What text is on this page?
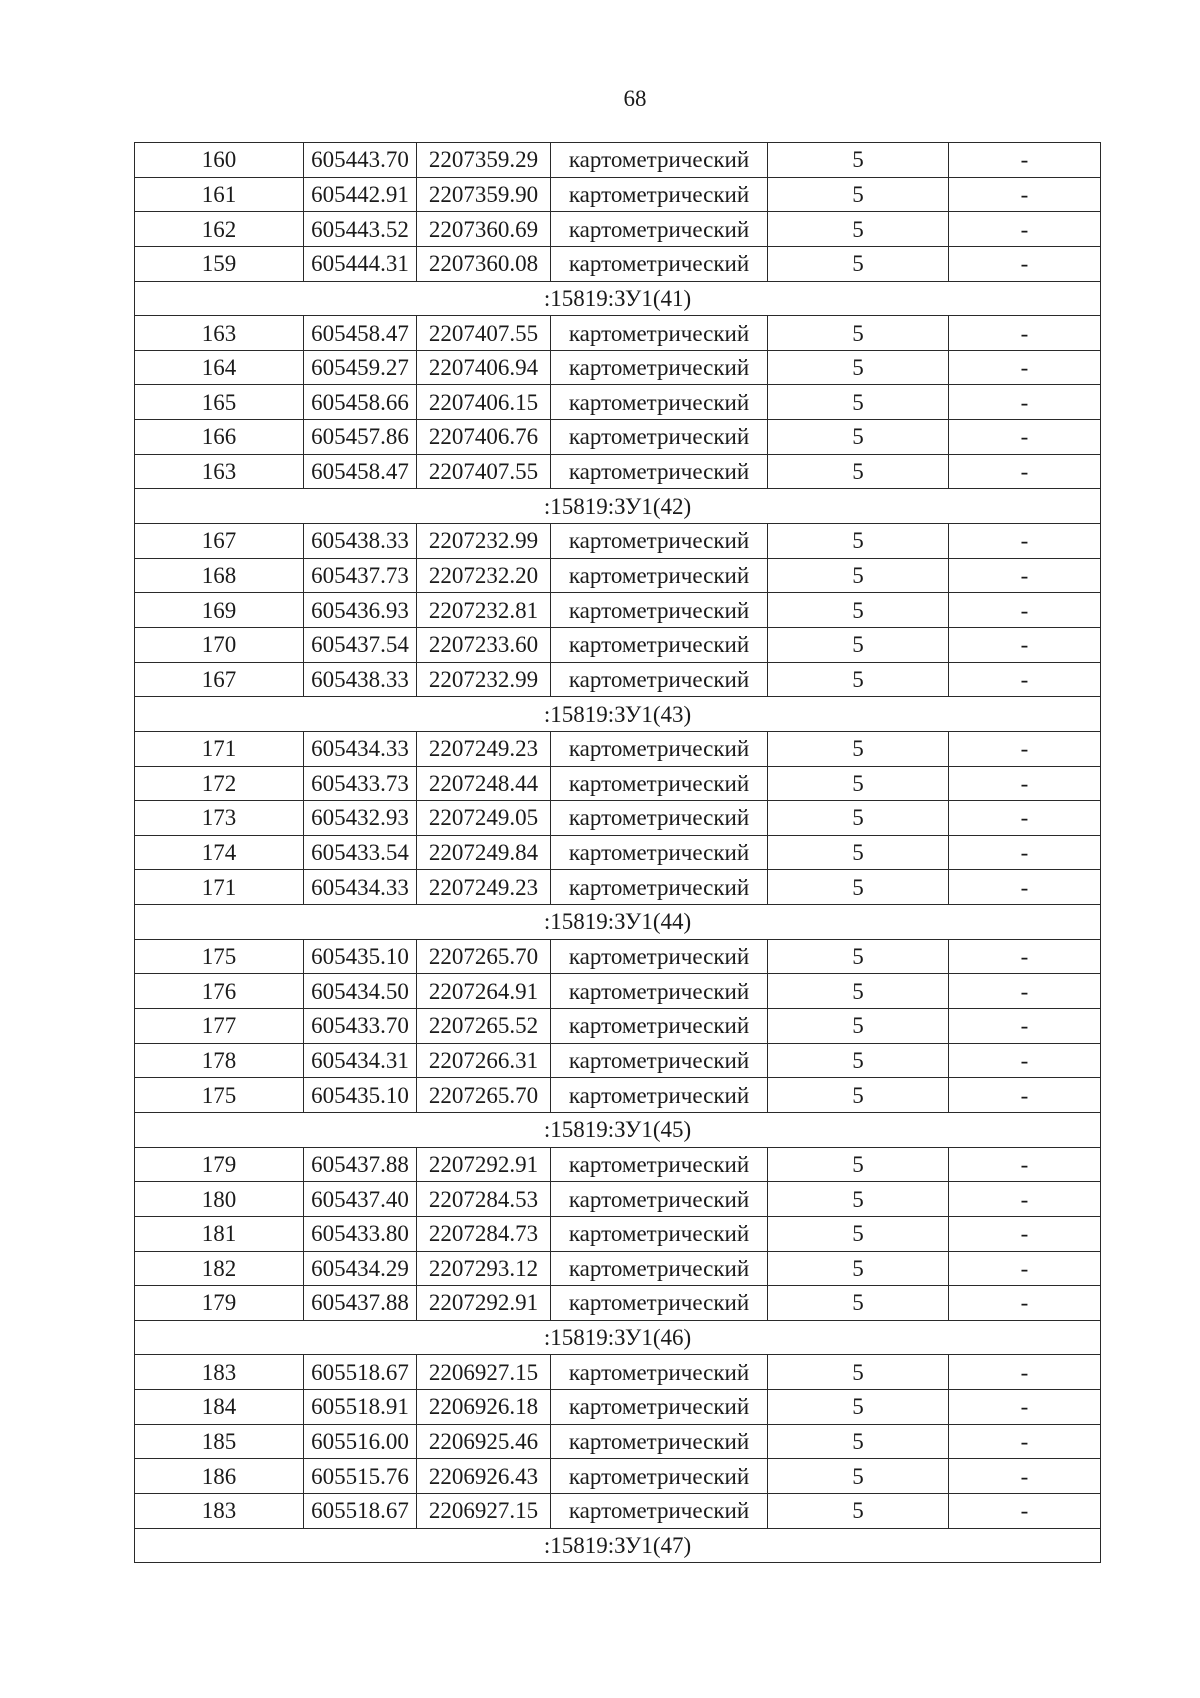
68
160	605443.70	2207359.29	картометрический	5	-
161	605442.91	2207359.90	картометрический	5	-
162	605443.52	2207360.69	картометрический	5	-
159	605444.31	2207360.08	картометрический	5	-
:15819:ЗУ1(41)					
163	605458.47	2207407.55	картометрический	5	-
164	605459.27	2207406.94	картометрический	5	-
165	605458.66	2207406.15	картометрический	5	-
166	605457.86	2207406.76	картометрический	5	-
163	605458.47	2207407.55	картометрический	5	-
:15819:ЗУ1(42)					
167	605438.33	2207232.99	картометрический	5	-
168	605437.73	2207232.20	картометрический	5	-
169	605436.93	2207232.81	картометрический	5	-
170	605437.54	2207233.60	картометрический	5	-
167	605438.33	2207232.99	картометрический	5	-
:15819:ЗУ1(43)					
171	605434.33	2207249.23	картометрический	5	-
172	605433.73	2207248.44	картометрический	5	-
173	605432.93	2207249.05	картометрический	5	-
174	605433.54	2207249.84	картометрический	5	-
171	605434.33	2207249.23	картометрический	5	-
:15819:ЗУ1(44)					
175	605435.10	2207265.70	картометрический	5	-
176	605434.50	2207264.91	картометрический	5	-
177	605433.70	2207265.52	картометрический	5	-
178	605434.31	2207266.31	картометрический	5	-
175	605435.10	2207265.70	картометрический	5	-
:15819:ЗУ1(45)					
179	605437.88	2207292.91	картометрический	5	-
180	605437.40	2207284.53	картометрический	5	-
181	605433.80	2207284.73	картометрический	5	-
182	605434.29	2207293.12	картометрический	5	-
179	605437.88	2207292.91	картометрический	5	-
:15819:ЗУ1(46)					
183	605518.67	2206927.15	картометрический	5	-
184	605518.91	2206926.18	картометрический	5	-
185	605516.00	2206925.46	картометрический	5	-
186	605515.76	2206926.43	картометрический	5	-
183	605518.67	2206927.15	картометрический	5	-
:15819:ЗУ1(47)					
